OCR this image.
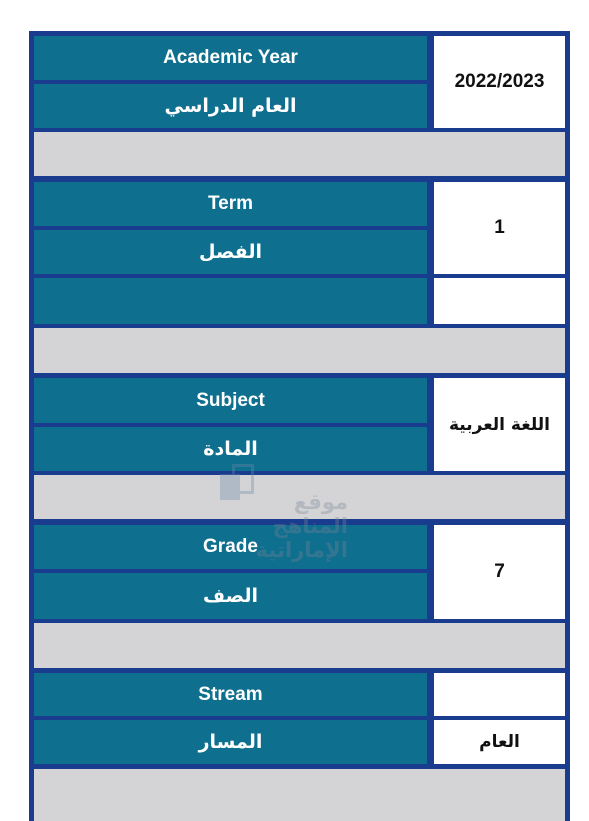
Academic Year
العام الدراسي
2022/2023
Term
الفصل
1
Subject
المادة
اللغة العربية
Grade
الصف
7
Stream
المسار	العام
موقع المناهج الإماراتية
